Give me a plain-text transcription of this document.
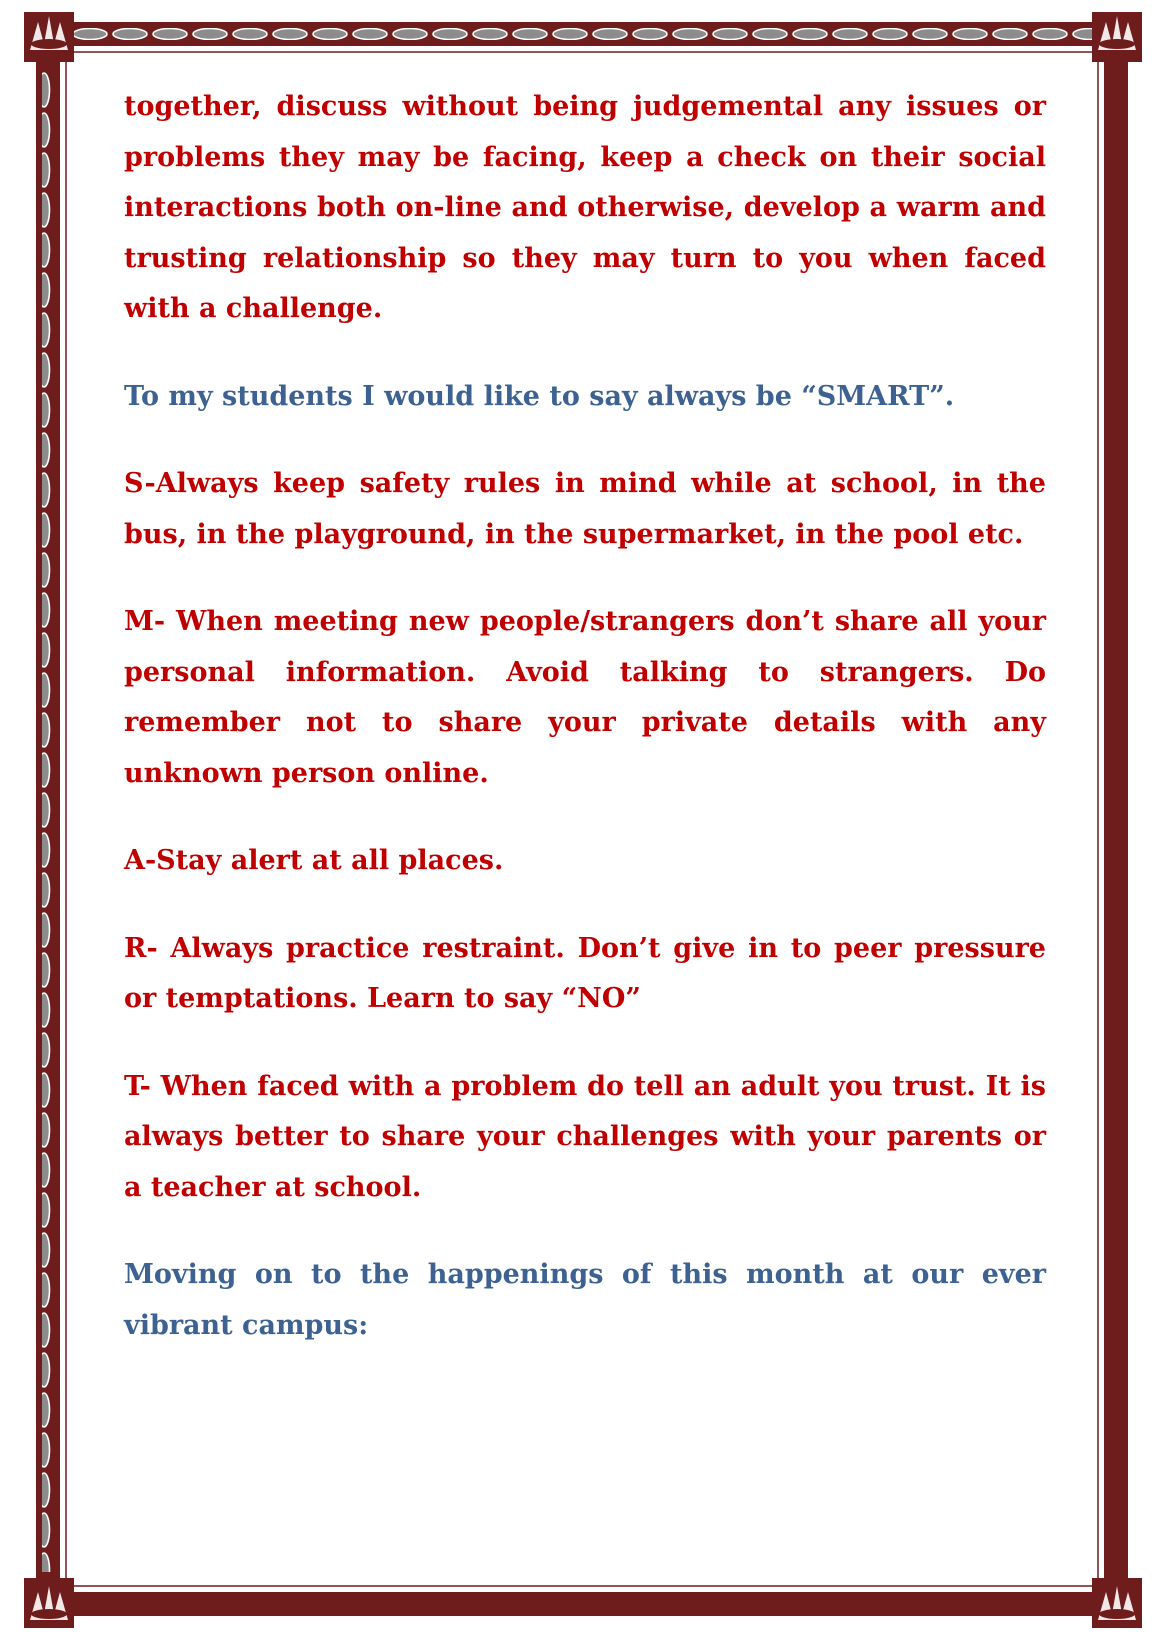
together, discuss without being judgemental any issues or problems they may be facing, keep a check on their social interactions both on-line and otherwise, develop a warm and trusting relationship so they may turn to you when faced with a challenge.

To my students I would like to say always be “SMART”.

S-Always keep safety rules in mind while at school, in the bus, in the playground, in the supermarket, in the pool etc.

M- When meeting new people/strangers don’t share all your personal information. Avoid talking to strangers. Do remember not to share your private details with any unknown person online.

A-Stay alert at all places.

R- Always practice restraint. Don’t give in to peer pressure or temptations. Learn to say “NO”

T- When faced with a problem do tell an adult you trust. It is always better to share your challenges with your parents or a teacher at school.

Moving on to the happenings of this month at our ever vibrant campus:
